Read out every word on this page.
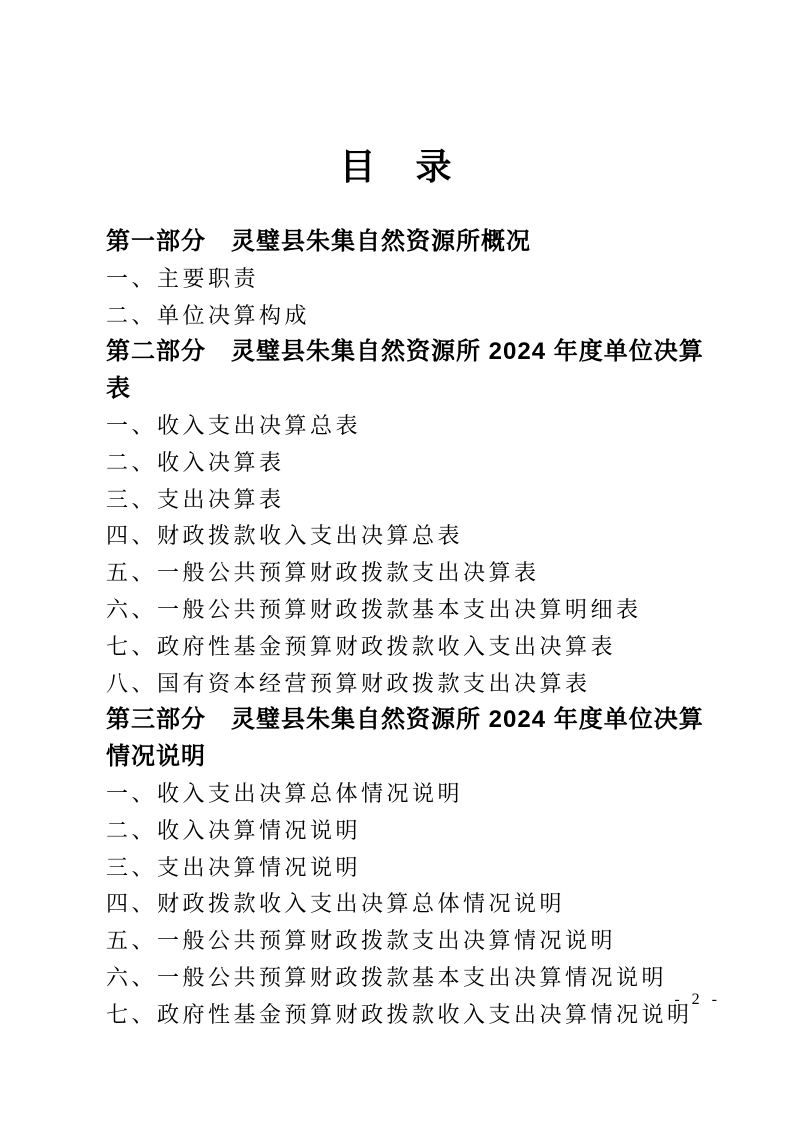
目　录
第一部分　灵璧县朱集自然资源所概况
一、主要职责
二、单位决算构成
第二部分　灵璧县朱集自然资源所 2024 年度单位决算表
一、收入支出决算总表
二、收入决算表
三、支出决算表
四、财政拨款收入支出决算总表
五、一般公共预算财政拨款支出决算表
六、一般公共预算财政拨款基本支出决算明细表
七、政府性基金预算财政拨款收入支出决算表
八、国有资本经营预算财政拨款支出决算表
第三部分　灵璧县朱集自然资源所 2024 年度单位决算情况说明
一、收入支出决算总体情况说明
二、收入决算情况说明
三、支出决算情况说明
四、财政拨款收入支出决算总体情况说明
五、一般公共预算财政拨款支出决算情况说明
六、一般公共预算财政拨款基本支出决算情况说明
七、政府性基金预算财政拨款收入支出决算情况说明
- 2 -
